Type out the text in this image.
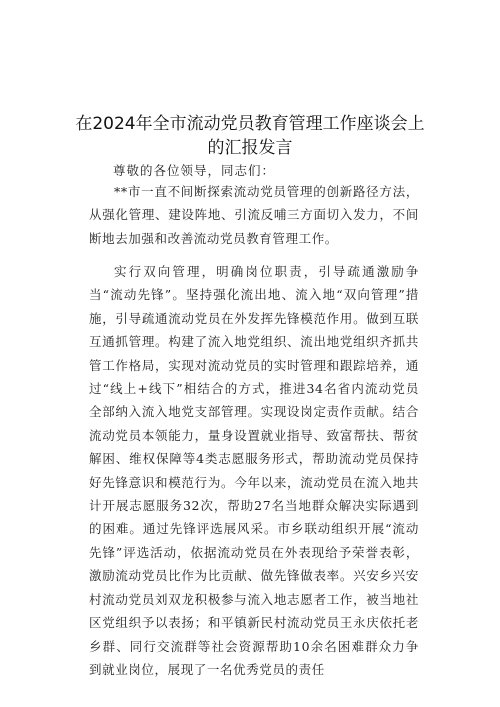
在2024年全市流动党员教育管理工作座谈会上
的汇报发言
尊敬的各位领导，同志们：

**市一直不间断探索流动党员管理的创新路径方法，从强化管理、建设阵地、引流反哺三方面切入发力，不间断地去加强和改善流动党员教育管理工作。

实行双向管理，明确岗位职责，引导疏通激励争当“流动先锋”。坚持强化流出地、流入地“双向管理”措施，引导疏通流动党员在外发挥先锋模范作用。做到互联互通抓管理。构建了流入地党组织、流出地党组织齐抓共管工作格局，实现对流动党员的实时管理和跟踪培养，通过“线上+线下”相结合的方式，推进34名省内流动党员全部纳入流入地党支部管理。实现设岗定责作贡献。结合流动党员本领能力，量身设置就业指导、致富帮扶、帮贫解困、维权保障等4类志愿服务形式，帮助流动党员保持好先锋意识和模范行为。今年以来，流动党员在流入地共计开展志愿服务32次，帮助27名当地群众解决实际遇到的困难。通过先锋评选展风采。市乡联动组织开展“流动先锋”评选活动，依据流动党员在外表现给予荣誉表彰，激励流动党员比作为比贡献、做先锋做表率。兴安乡兴安村流动党员刘双龙积极参与流入地志愿者工作，被当地社区党组织予以表扬；和平镇新民村流动党员王永庆依托老乡群、同行交流群等社会资源帮助10余名困难群众力争到就业岗位，展现了一名优秀党员的责任
